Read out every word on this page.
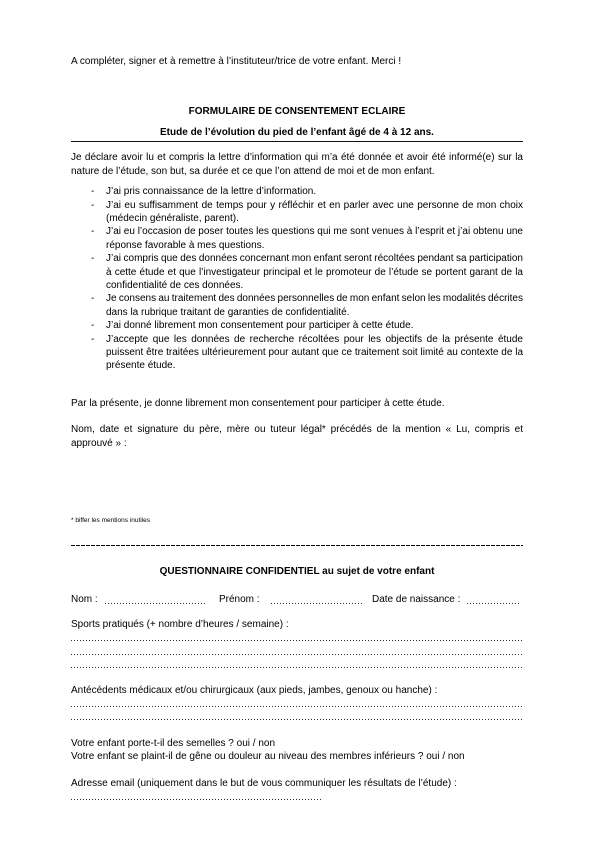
A compléter, signer et à remettre à l’instituteur/trice de votre enfant. Merci !
FORMULAIRE DE CONSENTEMENT ECLAIRE
Etude de l’évolution du pied de l’enfant âgé de 4 à 12 ans.
Je déclare avoir lu et compris la lettre d’information qui m’a été donnée et avoir été informé(e) sur la
nature de l’étude, son but, sa durée et ce que l’on attend de moi et de mon enfant.
- J’ai pris connaissance de la lettre d’information.
- J’ai eu suffisamment de temps pour y réfléchir et en parler avec une personne de mon choix
(médecin généraliste, parent).
- J’ai eu l’occasion de poser toutes les questions qui me sont venues à l’esprit et j’ai obtenu une
réponse favorable à mes questions.
- J’ai compris que des données concernant mon enfant seront récoltées pendant sa participation
à cette étude et que l’investigateur principal et le promoteur de l’étude se portent garant de la
confidentialité de ces données.
- Je consens au traitement des données personnelles de mon enfant selon les modalités décrites
dans la rubrique traitant de garanties de confidentialité.
- J’ai donné librement mon consentement pour participer à cette étude.
- J’accepte que les données de recherche récoltées pour les objectifs de la présente étude
puissent être traitées ultérieurement pour autant que ce traitement soit limité au contexte de la
présente étude.
Par la présente, je donne librement mon consentement pour participer à cette étude.
Nom, date et signature du père, mère ou tuteur légal* précédés de la mention « Lu, compris et
approuvé » :
* biffer les mentions inutiles
QUESTIONNAIRE CONFIDENTIEL au sujet de votre enfant
Nom :	Prénom :	Date de naissance :
Sports pratiqués (+ nombre d’heures / semaine) :
Antécédents médicaux et/ou chirurgicaux (aux pieds, jambes, genoux ou hanche) :
Votre enfant porte-t-il des semelles ? oui / non
Votre enfant se plaint-il de gêne ou douleur au niveau des membres inférieurs ? oui / non
Adresse email (uniquement dans le but de vous communiquer les résultats de l’étude) :
